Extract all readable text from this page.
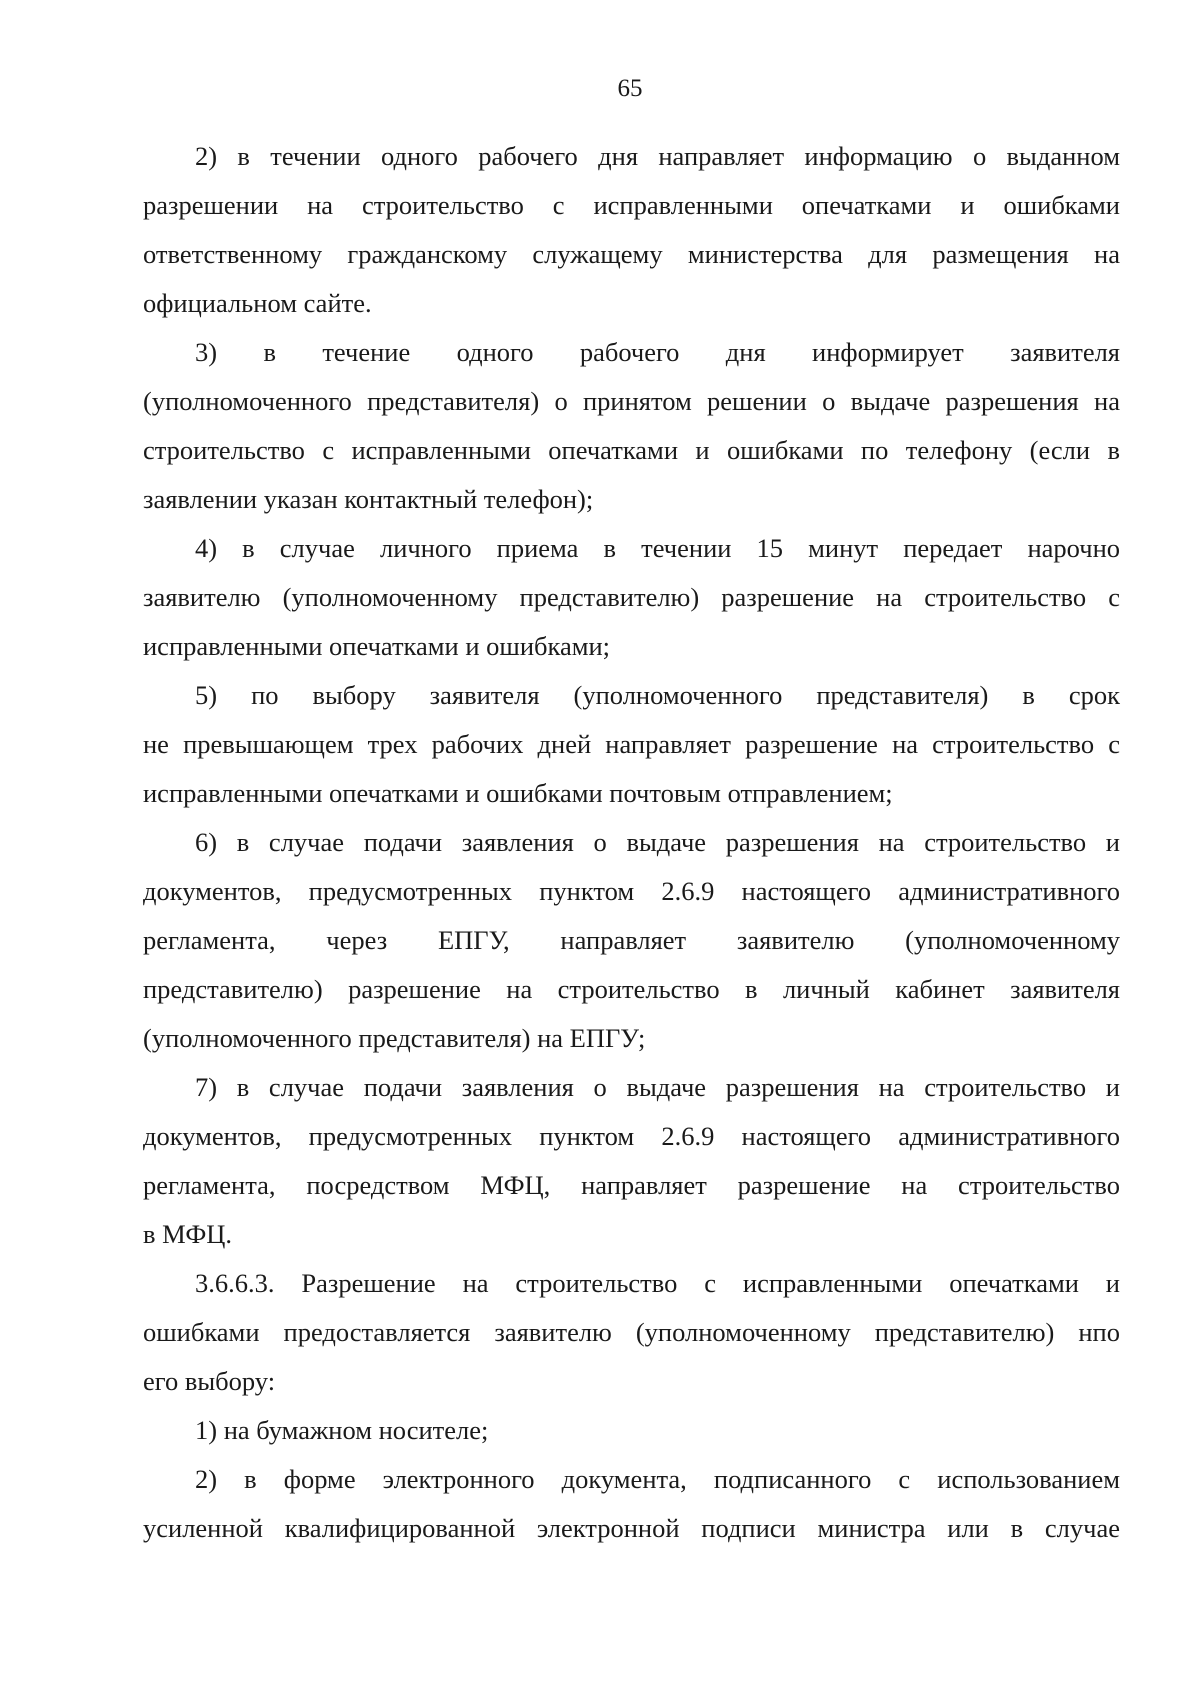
65
2) в течении одного рабочего дня направляет информацию о выданном
разрешении на строительство с исправленными опечатками и ошибками
ответственному гражданскому служащему министерства для размещения на
официальном сайте.
3) в течение одного рабочего дня информирует заявителя
(уполномоченного представителя) о принятом решении о выдаче разрешения на
строительство с исправленными опечатками и ошибками по телефону (если в
заявлении указан контактный телефон);
4) в случае личного приема в течении 15 минут передает нарочно
заявителю (уполномоченному представителю) разрешение на строительство с
исправленными опечатками и ошибками;
5) по выбору заявителя (уполномоченного представителя) в срок
не превышающем трех рабочих дней направляет разрешение на строительство с
исправленными опечатками и ошибками почтовым отправлением;
6) в случае подачи заявления о выдаче разрешения на строительство и
документов, предусмотренных пунктом 2.6.9 настоящего административного
регламента, через ЕПГУ, направляет заявителю (уполномоченному
представителю) разрешение на строительство в личный кабинет заявителя
(уполномоченного представителя) на ЕПГУ;
7) в случае подачи заявления о выдаче разрешения на строительство и
документов, предусмотренных пунктом 2.6.9 настоящего административного
регламента, посредством МФЦ, направляет разрешение на строительство
в МФЦ.
3.6.6.3. Разрешение на строительство с исправленными опечатками и
ошибками предоставляется заявителю (уполномоченному представителю) нпо
его выбору:
1) на бумажном носителе;
2) в форме электронного документа, подписанного с использованием
усиленной квалифицированной электронной подписи министра или в случае
